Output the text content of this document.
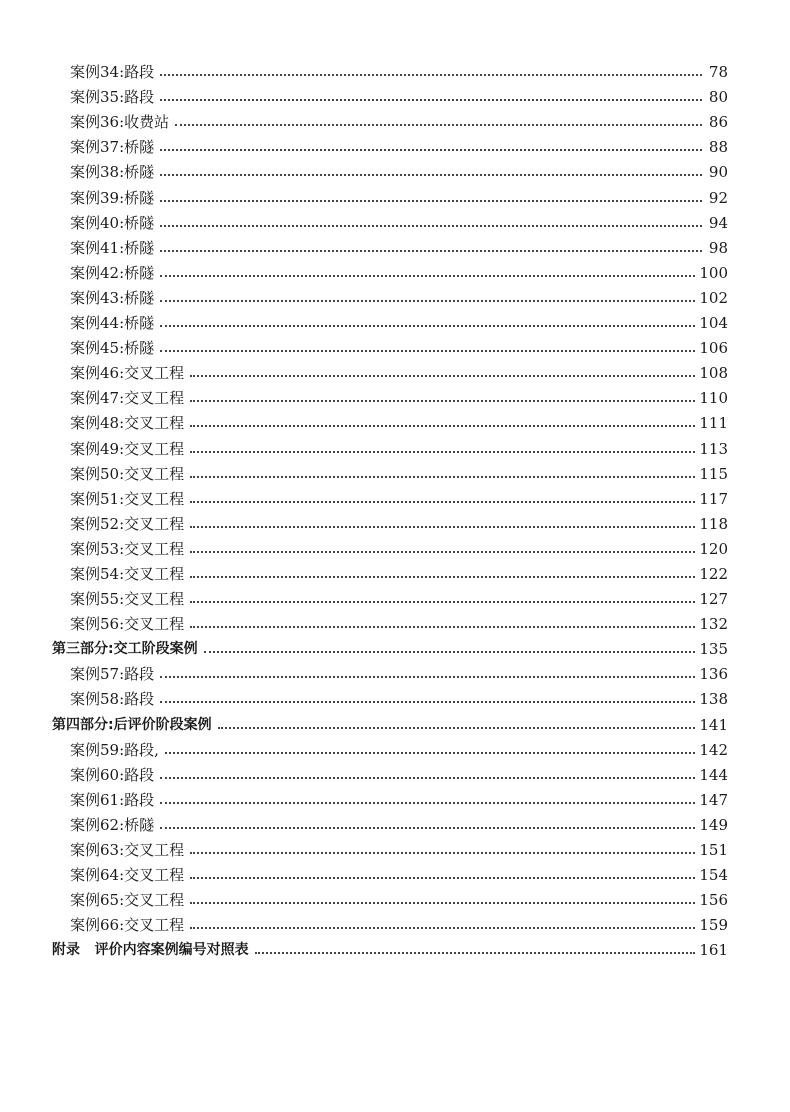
案例34:路段	78
案例35:路段	80
案例36:收费站	86
案例37:桥隧	88
案例38:桥隧	90
案例39:桥隧	92
案例40:桥隧	94
案例41:桥隧	98
案例42:桥隧	100
案例43:桥隧	102
案例44:桥隧	104
案例45:桥隧	106
案例46:交叉工程	108
案例47:交叉工程	110
案例48:交叉工程	111
案例49:交叉工程	113
案例50:交叉工程	115
案例51:交叉工程	117
案例52:交叉工程	118
案例53:交叉工程	120
案例54:交叉工程	122
案例55:交叉工程	127
案例56:交叉工程	132
第三部分:交工阶段案例	135
案例57:路段	136
案例58:路段	138
第四部分:后评价阶段案例	141
案例59:路段,	142
案例60:路段	144
案例61:路段	147
案例62:桥隧	149
案例63:交叉工程	151
案例64:交叉工程	154
案例65:交叉工程	156
案例66:交叉工程	159
附录   评价内容案例编号对照表	161
